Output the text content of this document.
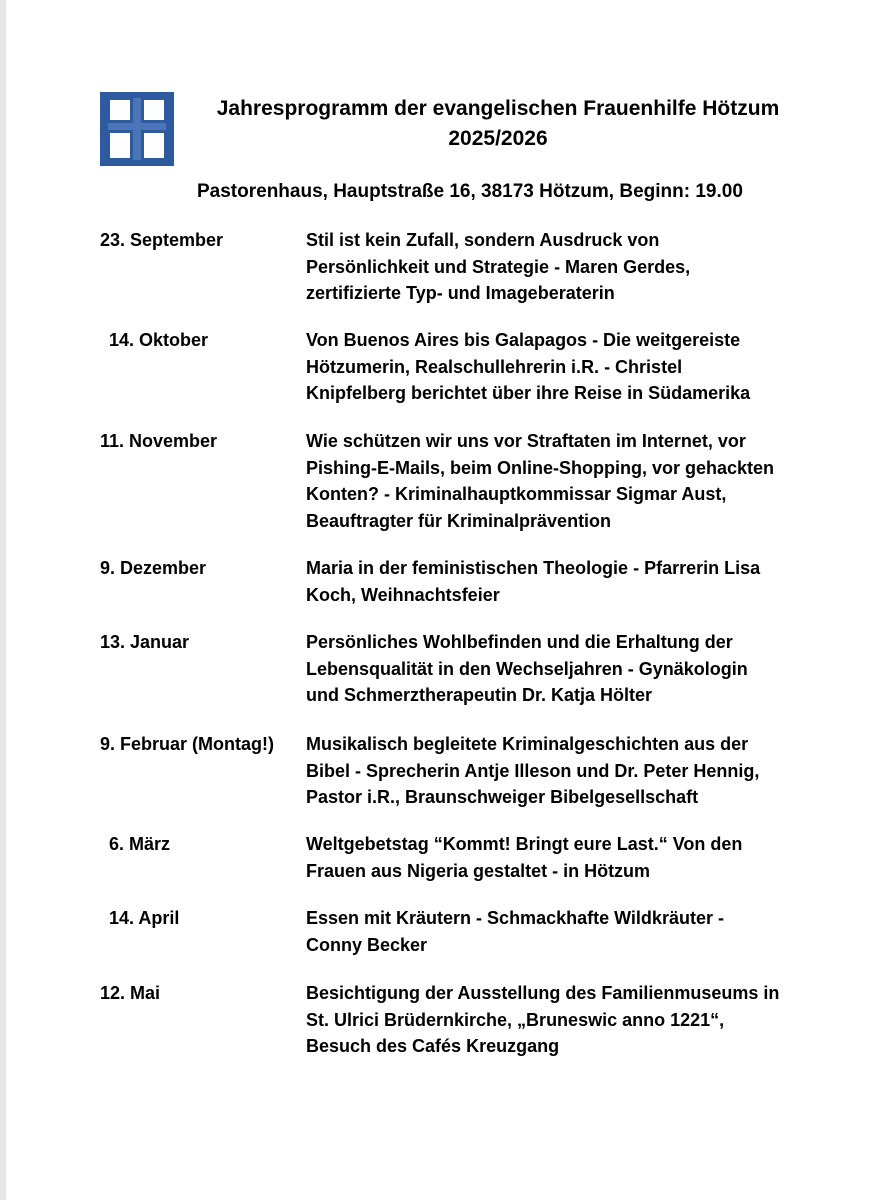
Jahresprogramm der evangelischen Frauenhilfe Hötzum
2025/2026
Pastorenhaus, Hauptstraße 16, 38173 Hötzum, Beginn: 19.00
23. September	Stil ist kein Zufall, sondern Ausdruck von
Persönlichkeit und Strategie - Maren Gerdes,
zertifizierte Typ- und Imageberaterin
14. Oktober	Von Buenos Aires bis Galapagos - Die weitgereiste
Hötzumerin, Realschullehrerin i.R. - Christel
Knipfelberg berichtet über ihre Reise in Südamerika
11. November	Wie schützen wir uns vor Straftaten im Internet, vor
Pishing-E-Mails, beim Online-Shopping, vor gehackten
Konten? - Kriminalhauptkommissar Sigmar Aust,
Beauftragter für Kriminalprävention
9. Dezember	Maria in der feministischen Theologie - Pfarrerin Lisa
Koch, Weihnachtsfeier
13. Januar	Persönliches Wohlbefinden und die Erhaltung der
Lebensqualität in den Wechseljahren - Gynäkologin
und Schmerztherapeutin Dr. Katja Hölter
9. Februar (Montag!) Musikalisch begleitete Kriminalgeschichten aus der
Bibel - Sprecherin Antje Illeson und Dr. Peter Hennig,
Pastor i.R., Braunschweiger Bibelgesellschaft
6. März	Weltgebetstag “Kommt! Bringt eure Last.“ Von den
Frauen aus Nigeria gestaltet - in Hötzum
14. April	Essen mit Kräutern - Schmackhafte Wildkräuter -
Conny Becker
12. Mai	Besichtigung der Ausstellung des Familienmuseums in
St. Ulrici Brüdernkirche, „Bruneswic anno 1221“,
Besuch des Cafés Kreuzgang
